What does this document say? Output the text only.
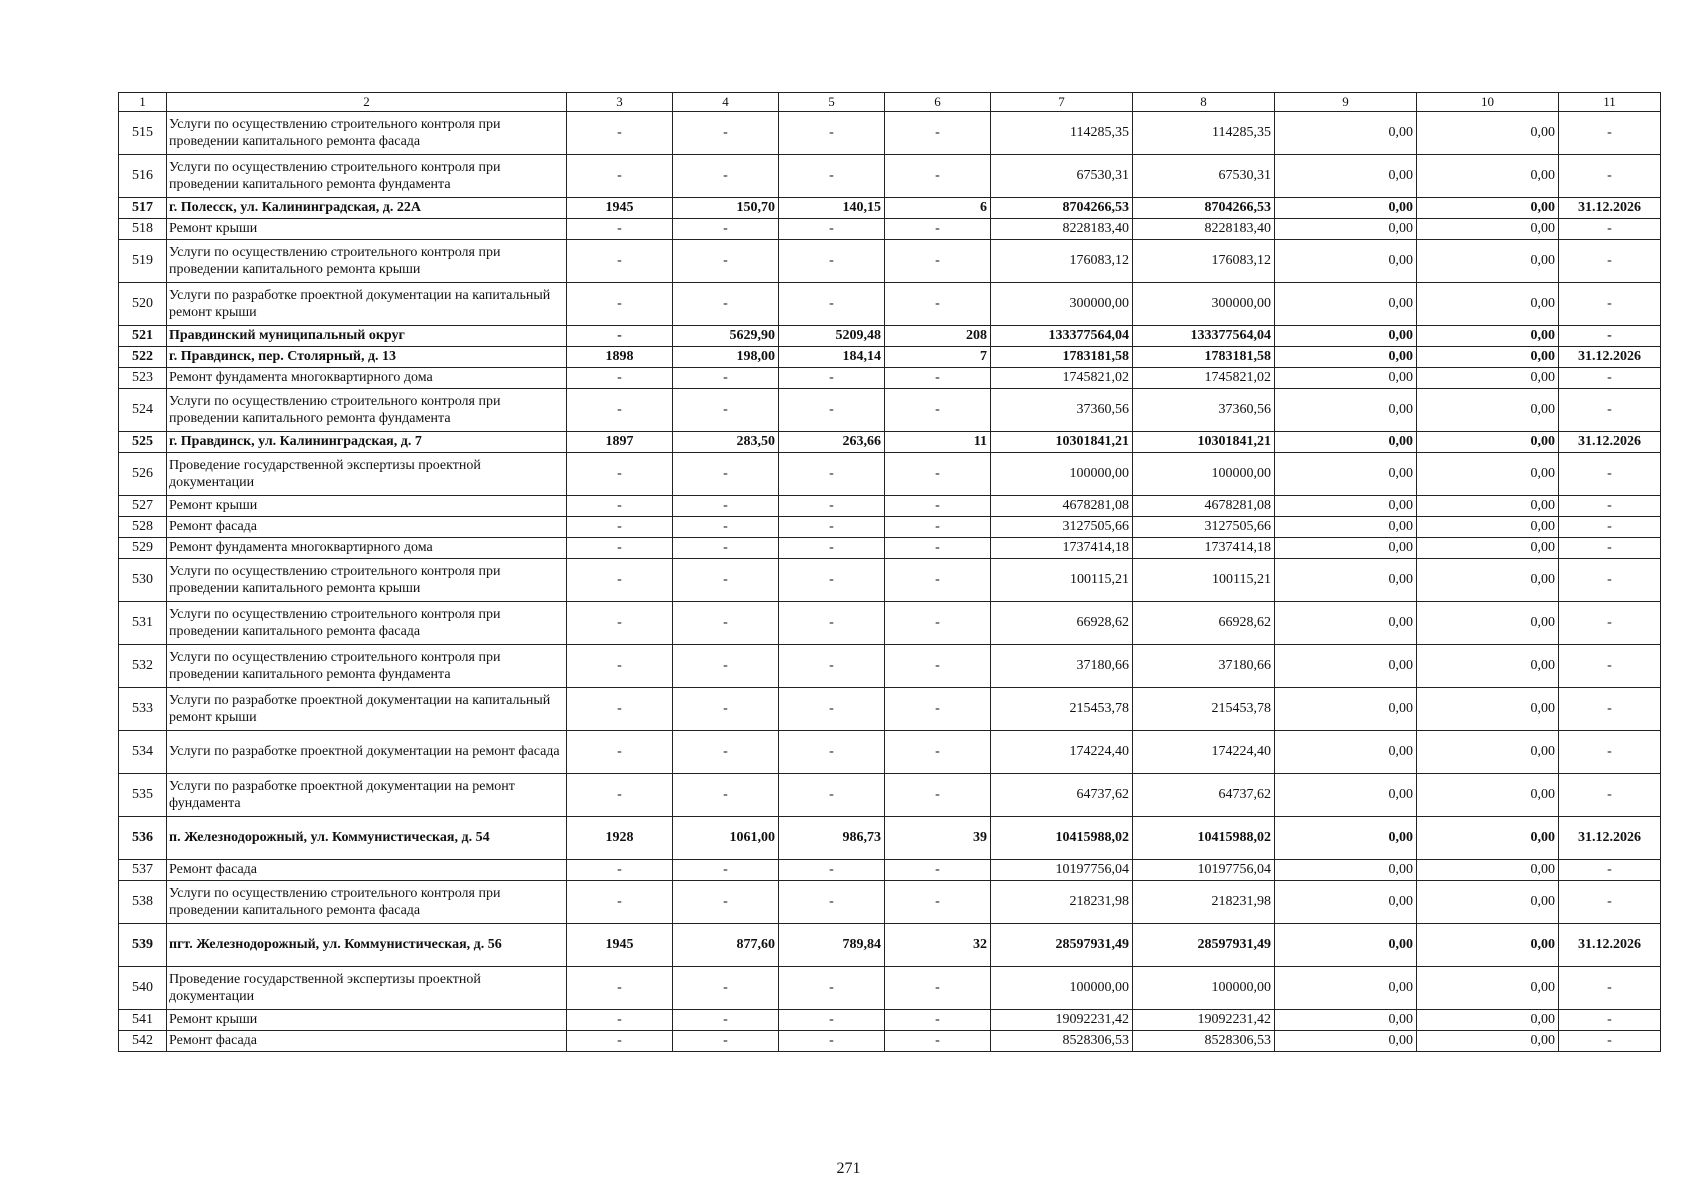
1	2	3	4	5	6	7	8	9	10	11
515	Услуги по осуществлению строительного контроля при проведении капитального ремонта фасада	-	-	-	-	114285,35	114285,35	0,00	0,00	-
516	Услуги по осуществлению строительного контроля при проведении капитального ремонта фундамента	-	-	-	-	67530,31	67530,31	0,00	0,00	-
517	г. Полесск, ул. Калининградская, д. 22А	1945	150,70	140,15	6	8704266,53	8704266,53	0,00	0,00	31.12.2026
518	Ремонт крыши	-	-	-	-	8228183,40	8228183,40	0,00	0,00	-
519	Услуги по осуществлению строительного контроля при проведении капитального ремонта крыши	-	-	-	-	176083,12	176083,12	0,00	0,00	-
520	Услуги по разработке проектной документации на капитальный ремонт крыши	-	-	-	-	300000,00	300000,00	0,00	0,00	-
521	Правдинский муниципальный округ	-	5629,90	5209,48	208	133377564,04	133377564,04	0,00	0,00	-
522	г. Правдинск, пер. Столярный, д. 13	1898	198,00	184,14	7	1783181,58	1783181,58	0,00	0,00	31.12.2026
523	Ремонт фундамента многоквартирного дома	-	-	-	-	1745821,02	1745821,02	0,00	0,00	-
524	Услуги по осуществлению строительного контроля при проведении капитального ремонта фундамента	-	-	-	-	37360,56	37360,56	0,00	0,00	-
525	г. Правдинск, ул. Калининградская, д. 7	1897	283,50	263,66	11	10301841,21	10301841,21	0,00	0,00	31.12.2026
526	Проведение государственной экспертизы проектной документации	-	-	-	-	100000,00	100000,00	0,00	0,00	-
527	Ремонт крыши	-	-	-	-	4678281,08	4678281,08	0,00	0,00	-
528	Ремонт фасада	-	-	-	-	3127505,66	3127505,66	0,00	0,00	-
529	Ремонт фундамента многоквартирного дома	-	-	-	-	1737414,18	1737414,18	0,00	0,00	-
530	Услуги по осуществлению строительного контроля при проведении капитального ремонта крыши	-	-	-	-	100115,21	100115,21	0,00	0,00	-
531	Услуги по осуществлению строительного контроля при проведении капитального ремонта фасада	-	-	-	-	66928,62	66928,62	0,00	0,00	-
532	Услуги по осуществлению строительного контроля при проведении капитального ремонта фундамента	-	-	-	-	37180,66	37180,66	0,00	0,00	-
533	Услуги по разработке проектной документации на капитальный ремонт крыши	-	-	-	-	215453,78	215453,78	0,00	0,00	-
534	Услуги по разработке проектной документации на ремонт фасада	-	-	-	-	174224,40	174224,40	0,00	0,00	-
535	Услуги по разработке проектной документации на ремонт фундамента	-	-	-	-	64737,62	64737,62	0,00	0,00	-
536	п. Железнодорожный, ул. Коммунистическая, д. 54	1928	1061,00	986,73	39	10415988,02	10415988,02	0,00	0,00	31.12.2026
537	Ремонт фасада	-	-	-	-	10197756,04	10197756,04	0,00	0,00	-
538	Услуги по осуществлению строительного контроля при проведении капитального ремонта фасада	-	-	-	-	218231,98	218231,98	0,00	0,00	-
539	пгт. Железнодорожный, ул. Коммунистическая, д. 56	1945	877,60	789,84	32	28597931,49	28597931,49	0,00	0,00	31.12.2026
540	Проведение государственной экспертизы проектной документации	-	-	-	-	100000,00	100000,00	0,00	0,00	-
541	Ремонт крыши	-	-	-	-	19092231,42	19092231,42	0,00	0,00	-
542	Ремонт фасада	-	-	-	-	8528306,53	8528306,53	0,00	0,00	-
271
